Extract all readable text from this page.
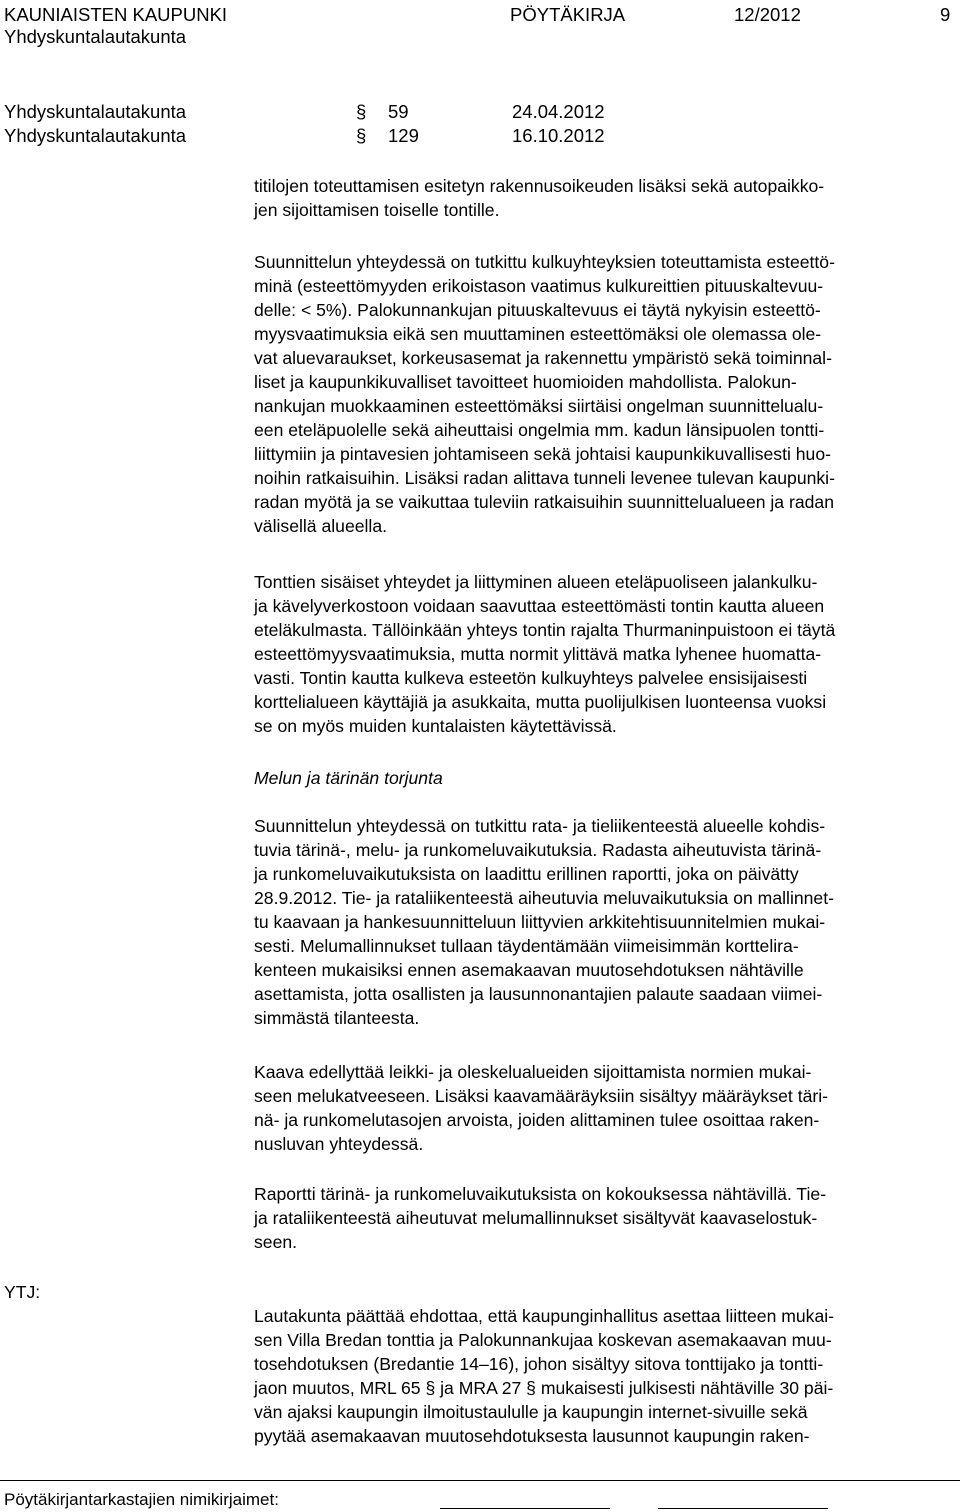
KAUNIAISTEN KAUPUNKI	PÖYTÄKIRJA	12/2012	9
Yhdyskuntalautakunta
Yhdyskuntalautakunta	§ 59	24.04.2012
Yhdyskuntalautakunta	§ 129	16.10.2012
titilojen toteuttamisen esitetyn rakennusoikeuden lisäksi sekä autopaikko-
jen sijoittamisen toiselle tontille.
Suunnittelun yhteydessä on tutkittu kulkuyhteyksien toteuttamista esteettö-
minä (esteettömyyden erikoistason vaatimus kulkureittien pituuskaltevuu-
delle: < 5%). Palokunnankujan pituuskaltevuus ei täytä nykyisin esteettö-
myysvaatimuksia eikä sen muuttaminen esteettömäksi ole olemassa ole-
vat aluevaraukset, korkeusasemat ja rakennettu ympäristö sekä toiminnal-
liset ja kaupunkikuvalliset tavoitteet huomioiden mahdollista. Palokun-
nankujan muokkaaminen esteettömäksi siirtäisi ongelman suunnittelualu-
een eteläpuolelle sekä aiheuttaisi ongelmia mm. kadun länsipuolen tontti-
liittymiin ja pintavesien johtamiseen sekä johtaisi kaupunkikuvallisesti huo-
noihin ratkaisuihin. Lisäksi radan alittava tunneli levenee tulevan kaupunki-
radan myötä ja se vaikuttaa tuleviin ratkaisuihin suunnittelualueen ja radan
välisellä alueella.
Tonttien sisäiset yhteydet ja liittyminen alueen eteläpuoliseen jalankulku-
ja kävelyverkostoon voidaan saavuttaa esteettömästi tontin kautta alueen
eteläkulmasta. Tällöinkään yhteys tontin rajalta Thurmaninpuistoon ei täytä
esteettömyysvaatimuksia, mutta normit ylittävä matka lyhenee huomatta-
vasti. Tontin kautta kulkeva esteetön kulkuyhteys palvelee ensisijaisesti
korttelialueen käyttäjiä ja asukkaita, mutta puolijulkisen luonteensa vuoksi
se on myös muiden kuntalaisten käytettävissä.
Melun ja tärinän torjunta
Suunnittelun yhteydessä on tutkittu rata- ja tieliikenteestä alueelle kohdis-
tuvia tärinä-, melu- ja runkomeluvaikutuksia. Radasta aiheutuvista tärinä-
ja runkomeluvaikutuksista on laadittu erillinen raportti, joka on päivätty
28.9.2012. Tie- ja rataliikenteestä aiheutuvia meluvaikutuksia on mallinnet-
tu kaavaan ja hankesuunnitteluun liittyvien arkkitehtisuunnitelmien mukai-
sesti. Melumallinnukset tullaan täydentämään viimeisimmän korttelira-
kenteen mukaisiksi ennen asemakaavan muutosehdotuksen nähtäville
asettamista, jotta osallisten ja lausunnonantajien palaute saadaan viimei-
simmästä tilanteesta.
Kaava edellyttää leikki- ja oleskelualueiden sijoittamista normien mukai-
seen melukatveeseen. Lisäksi kaavamääräyksiin sisältyy määräykset täri-
nä- ja runkomelutasojen arvoista, joiden alittaminen tulee osoittaa raken-
nusluvan yhteydessä.
Raportti tärinä- ja runkomeluvaikutuksista on kokouksessa nähtävillä. Tie-
ja rataliikenteestä aiheutuvat melumallinnukset sisältyvät kaavaselostuk-
seen.
YTJ:
Lautakunta päättää ehdottaa, että kaupunginhallitus asettaa liitteen mukai-
sen Villa Bredan tonttia ja Palokunnankujaa koskevan asemakaavan muu-
tosehdotuksen (Bredantie 14–16), johon sisältyy sitova tonttijako ja tontti-
jaon muutos, MRL 65 § ja MRA 27 § mukaisesti julkisesti nähtäville 30 päi-
vän ajaksi kaupungin ilmoitustaululle ja kaupungin internet-sivuille sekä
pyytää asemakaavan muutosehdotuksesta lausunnot kaupungin raken-
Pöytäkirjantarkastajien nimikirjaimet:
